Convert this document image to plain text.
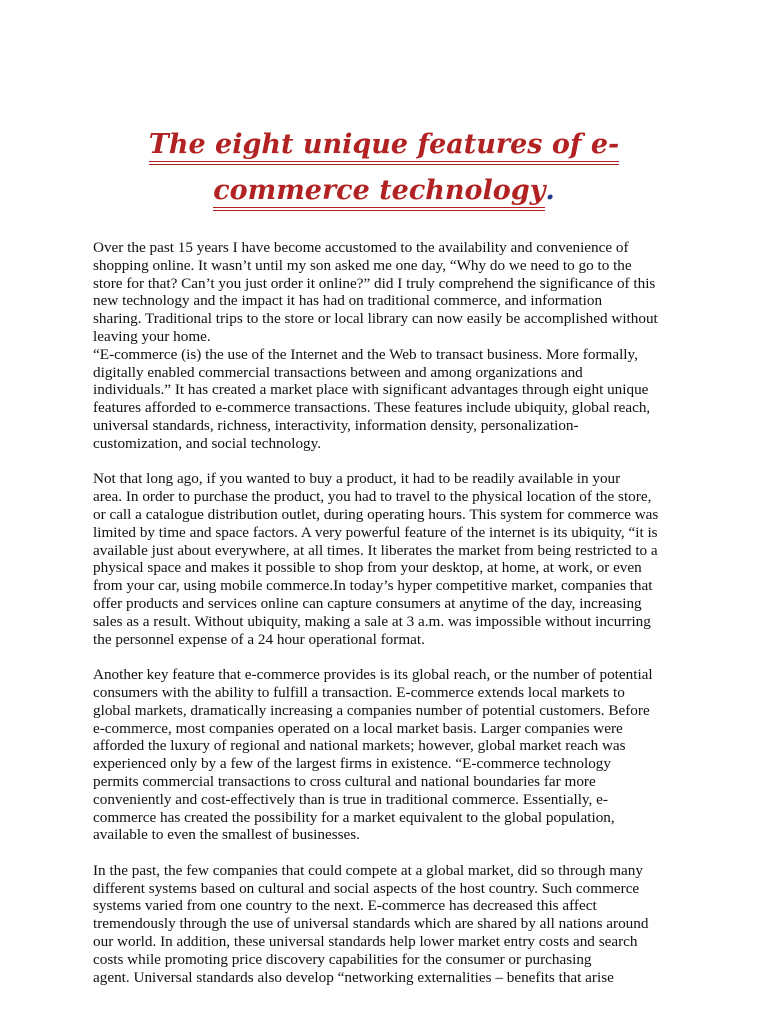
The eight unique features of e-
commerce technology.

Over the past 15 years I have become accustomed to the availability and convenience of
shopping online. It wasn’t until my son asked me one day, “Why do we need to go to the
store for that? Can’t you just order it online?” did I truly comprehend the significance of this
new technology and the impact it has had on traditional commerce, and information
sharing. Traditional trips to the store or local library can now easily be accomplished without
leaving your home.
“E-commerce (is) the use of the Internet and the Web to transact business. More formally,
digitally enabled commercial transactions between and among organizations and
individuals.” It has created a market place with significant advantages through eight unique
features afforded to e-commerce transactions. These features include ubiquity, global reach,
universal standards, richness, interactivity, information density, personalization-
customization, and social technology.

Not that long ago, if you wanted to buy a product, it had to be readily available in your
area. In order to purchase the product, you had to travel to the physical location of the store,
or call a catalogue distribution outlet, during operating hours. This system for commerce was
limited by time and space factors. A very powerful feature of the internet is its ubiquity, “it is
available just about everywhere, at all times. It liberates the market from being restricted to a
physical space and makes it possible to shop from your desktop, at home, at work, or even
from your car, using mobile commerce.In today’s hyper competitive market, companies that
offer products and services online can capture consumers at anytime of the day, increasing
sales as a result. Without ubiquity, making a sale at 3 a.m. was impossible without incurring
the personnel expense of a 24 hour operational format.

Another key feature that e-commerce provides is its global reach, or the number of potential
consumers with the ability to fulfill a transaction. E-commerce extends local markets to
global markets, dramatically increasing a companies number of potential customers. Before
e-commerce, most companies operated on a local market basis. Larger companies were
afforded the luxury of regional and national markets; however, global market reach was
experienced only by a few of the largest firms in existence. “E-commerce technology
permits commercial transactions to cross cultural and national boundaries far more
conveniently and cost-effectively than is true in traditional commerce. Essentially, e-
commerce has created the possibility for a market equivalent to the global population,
available to even the smallest of businesses.

In the past, the few companies that could compete at a global market, did so through many
different systems based on cultural and social aspects of the host country. Such commerce
systems varied from one country to the next. E-commerce has decreased this affect
tremendously through the use of universal standards which are shared by all nations around
our world. In addition, these universal standards help lower market entry costs and search
costs while promoting price discovery capabilities for the consumer or purchasing
agent. Universal standards also develop “networking externalities – benefits that arise
